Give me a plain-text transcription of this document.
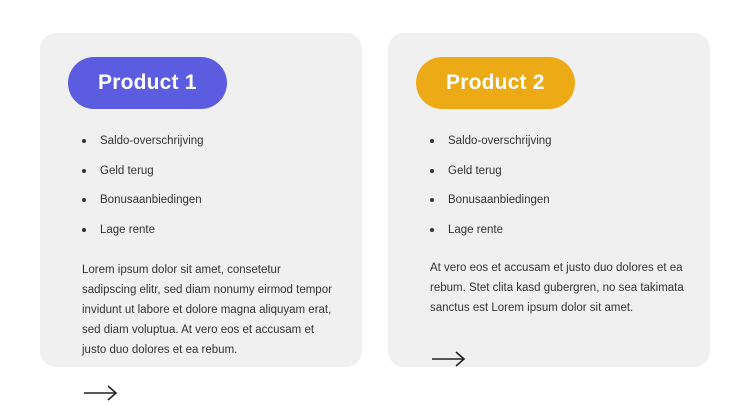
Product 1
Saldo-overschrijving
Geld terug
Bonusaanbiedingen
Lage rente

Lorem ipsum dolor sit amet, consetetur sadipscing elitr, sed diam nonumy eirmod tempor invidunt ut labore et dolore magna aliquyam erat, sed diam voluptua. At vero eos et accusam et justo duo dolores et ea rebum.

Product 2
Saldo-overschrijving
Geld terug
Bonusaanbiedingen
Lage rente

At vero eos et accusam et justo duo dolores et ea rebum. Stet clita kasd gubergren, no sea takimata sanctus est Lorem ipsum dolor sit amet.
